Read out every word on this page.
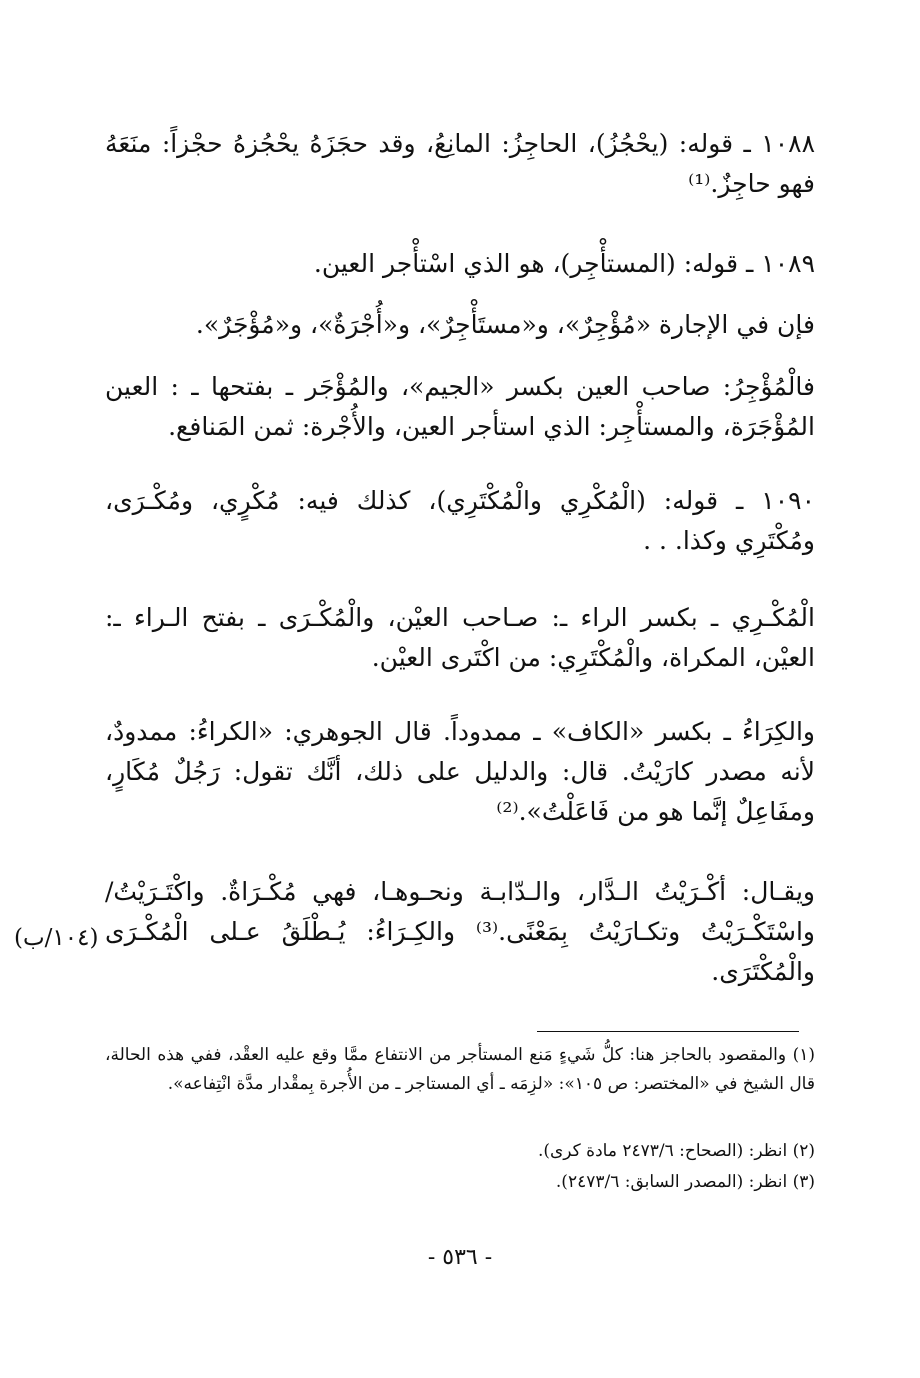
١٠٨٨ ـ قوله: (يحْجُزُ)، الحاجِزُ: المانِعُ، وقد حجَزَهُ يحْجُزهُ حجْزاً: منَعَهُ فهو حاجِزٌ.⁽¹⁾
١٠٨٩ ـ قوله: (المستأْجِر)، هو الذي اسْتأْجر العين.
فإن في الإجارة «مُؤْجِرٌ»، و«مستَأْجِرٌ»، و«أُجْرَةٌ»، و«مُؤْجَرٌ».
فالْمُؤْجِرُ: صاحب العين بكسر «الجيم»، والمُؤْجَر ـ بفتحها ـ : العين المُؤْجَرَة، والمستأْجِر: الذي استأجر العين، والأُجْرة: ثمن المَنافع.
١٠٩٠ ـ قوله: (الْمُكْرِي والْمُكْتَرِي)، كذلك فيه: مُكْرٍي، ومُكْـرَى، ومُكْتَرِي وكذا. . .
الْمُكْـرِي ـ بكسر الراء ـ: صـاحب العيْن، والْمُكْـرَى ـ بفتح الـراء ـ: العيْن، المكراة، والْمُكْتَرِي: من اكْتَرى العيْن.
والكِرَاءُ ـ بكسر «الكاف» ـ ممدوداً. قال الجوهري: «الكراءُ: ممدودٌ، لأنه مصدر كارَيْتُ. قال: والدليل على ذلك، أنَّك تقول: رَجُلٌ مُكَارٍ، ومفَاعِلٌ إنَّما هو من فَاعَلْتُ».⁽²⁾
ويقـال: أكْـرَيْتُ الـدَّار، والـدّابـة ونحـوهـا، فهي مُكْـرَاةٌ. واكْتَـرَيْتُ/واسْتَكْـرَيْتُ وتكـارَيْتُ بِمَعْنًى.⁽³⁾ والكِـرَاءُ: يُـطْلَقُ عـلى الْمُكْـرَى والْمُكْتَرَى.
(١٠٤/ب)
(١) والمقصود بالحاجز هنا: كلُّ شَيءٍ مَنع المستأجر من الانتفاع ممَّا وقع عليه العقْد، ففي هذه الحالة، قال الشيخ في «المختصر: ص ١٠٥»: «لزِمَه ـ أي المستاجر ـ من الأُجرة بِمقْدار مدَّة انْتِفاعه».
(٢) انظر: (الصحاح: ٢٤٧٣/٦ مادة كرى).
(٣) انظر: (المصدر السابق: ٢٤٧٣/٦).
- ٥٣٦ -
